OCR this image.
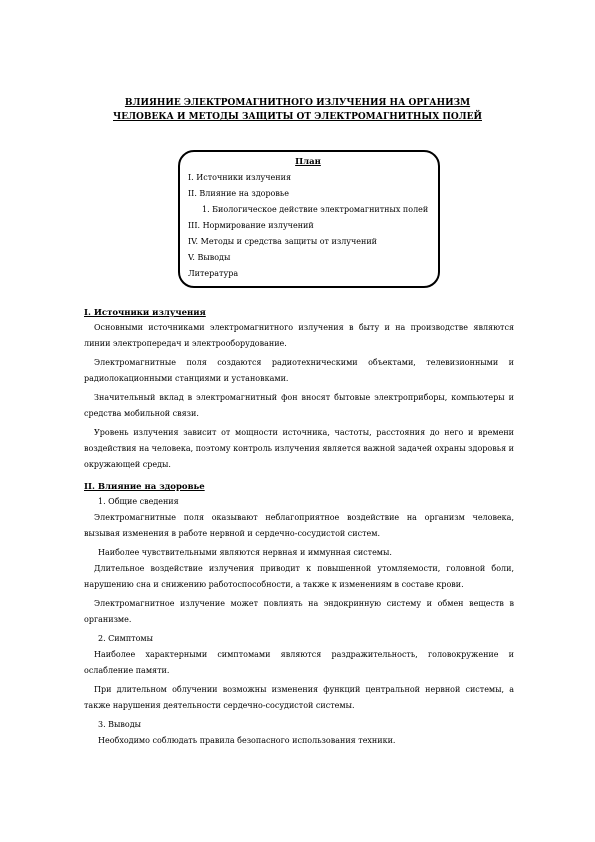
ВЛИЯНИЕ ЭЛЕКТРОМАГНИТНОГО ИЗЛУЧЕНИЯ НА ОРГАНИЗМ
ЧЕЛОВЕКА И МЕТОДЫ ЗАЩИТЫ ОТ ЭЛЕКТРОМАГНИТНЫХ ПОЛЕЙ
План
I. Источники излучения
II. Влияние на здоровье
1. Биологическое действие электромагнитных полей
III. Нормирование излучений
IV. Методы и средства защиты от излучений
V. Выводы
Литература
I. Источники излучения

Основными источниками электромагнитного излучения в быту и на производстве являются линии электропередач и электрооборудование.

Электромагнитные поля создаются радиотехническими объектами, телевизионными и радиолокационными станциями и установками.

Значительный вклад в электромагнитный фон вносят бытовые электроприборы, компьютеры и средства мобильной связи.

Уровень излучения зависит от мощности источника, частоты, расстояния до него и времени воздействия на человека, поэтому контроль излучения является важной задачей охраны здоровья и окружающей среды.

II. Влияние на здоровье
1. Общие сведения

Электромагнитные поля оказывают неблагоприятное воздействие на организм человека, вызывая изменения в работе нервной и сердечно-сосудистой систем.

Наиболее чувствительными являются нервная и иммунная системы.

Длительное воздействие излучения приводит к повышенной утомляемости, головной боли, нарушению сна и снижению работоспособности, а также к изменениям в составе крови.

Электромагнитное излучение может повлиять на эндокринную систему и обмен веществ в организме.

2. Симптомы

Наиболее характерными симптомами являются раздражительность, головокружение и ослабление памяти.

При длительном облучении возможны изменения функций центральной нервной системы, а также нарушения деятельности сердечно-сосудистой системы.

3. Выводы
Необходимо соблюдать правила безопасного использования техники.
